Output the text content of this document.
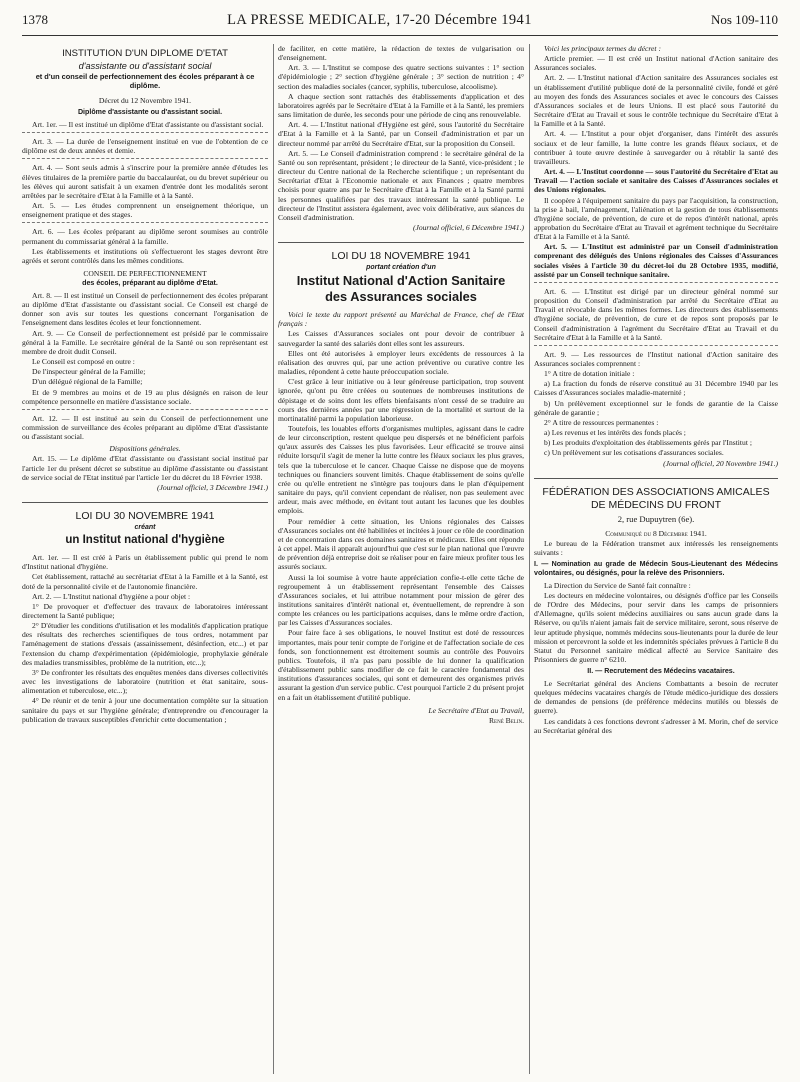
1378	LA PRESSE MEDICALE, 17-20 Décembre 1941	Nos 109-110
INSTITUTION D'UN DIPLOME D'ETAT
d'assistante ou d'assistant social
et d'un conseil de perfectionnement des écoles préparant à ce diplôme.

Décret du 12 Novembre 1941.

Diplôme d'assistante ou d'assistant social.

Art. 1er. — Il est institué un diplôme d'Etat d'assistante ou d'assistant social.

Art. 3. — La durée de l'enseignement institué en vue de l'obtention de ce diplôme est de deux années et demie.

Art. 4. — Sont seuls admis à s'inscrire pour la première année d'études les élèves titulaires de la première partie du baccalauréat, ou du brevet supérieur ou les élèves qui auront satisfait à un examen d'entrée dont les modalités seront arrêtées par le secrétaire d'Etat à la Famille et à la Santé.

Art. 5. — Les études comprennent un enseignement théorique, un enseignement pratique et des stages.

Art. 6. — Les écoles préparant au diplôme seront soumises au contrôle permanent du commissariat général à la famille.

Les établissements et institutions où s'effectueront les stages devront être agréés et seront contrôlés dans les mêmes conditions.

CONSEIL DE PERFECTIONNEMENT

des écoles, préparant au diplôme d'Etat.

Art. 8. — Il est institué un Conseil de perfectionnement des écoles préparant au diplôme d'Etat d'assistante ou d'assistant social. Ce Conseil est chargé de donner son avis sur toutes les questions concernant l'organisation de l'enseignement dans lesdites écoles et leur fonctionnement.

Art. 9. — Ce Conseil de perfectionnement est présidé par le commissaire général à la Famille. Le secrétaire général de la Santé ou son représentant est membre de droit dudit Conseil.

Le Conseil est composé en outre :

De l'inspecteur général de la Famille;

D'un délégué régional de la Famille;

Et de 9 membres au moins et de 19 au plus désignés en raison de leur compétence personnelle en matière d'assistance sociale.

Art. 12. — Il est institué au sein du Conseil de perfectionnement une commission de surveillance des écoles préparant au diplôme d'Etat d'assistante ou d'assistant social.

Dispositions générales.

Art. 15. — Le diplôme d'Etat d'assistante ou d'assistant social institué par l'article 1er du présent décret se substitue au diplôme d'assistante ou d'assistant de service social de l'Etat institué par l'article 1er du décret du 18 Février 1938.

(Journal officiel, 3 Décembre 1941.)

LOI DU 30 NOVEMBRE 1941
créant
un Institut national d'hygiène

Art. 1er. — Il est créé à Paris un établissement public qui prend le nom d'Institut national d'hygiène.

Cet établissement, rattaché au secrétariat d'Etat à la Famille et à la Santé, est doté de la personnalité civile et de l'autonomie financière.

Art. 2. — L'Institut national d'hygiène a pour objet :

1° De provoquer et d'effectuer des travaux de laboratoires intéressant directement la Santé publique;

2° D'étudier les conditions d'utilisation et les modalités d'application pratique des résultats des recherches scientifiques de tous ordres, notamment par l'aménagement de stations d'essais (assainissement, désinfection, etc...) et par l'extension du champ d'expérimentation (épidémiologie, prophylaxie générale des maladies transmissibles, problème de la nutrition, etc...);

3° De confronter les résultats des enquêtes menées dans diverses collectivités avec les investigations de laboratoire (nutrition et état sanitaire, sous-alimentation et tuberculose, etc...);

4° De réunir et de tenir à jour une documentation complète sur la situation sanitaire du pays et sur l'hygiène générale; d'entreprendre ou d'encourager la publication de travaux susceptibles d'enrichir cette documentation ;

de faciliter, en cette matière, la rédaction de textes de vulgarisation ou d'enseignement.

Art. 3. — L'Institut se compose des quatre sections suivantes : 1° section d'épidémiologie ; 2° section d'hygiène générale ; 3° section de nutrition ; 4° section des maladies sociales (cancer, syphilis, tuberculose, alcoolisme).

A chaque section sont rattachés des établissements d'application et des laboratoires agréés par le Secrétaire d'Etat à la Famille et à la Santé, les premiers sans limitation de durée, les seconds pour une période de cinq ans renouvelable.

Art. 4. — L'Institut national d'Hygiène est géré, sous l'autorité du Secrétaire d'Etat à la Famille et à la Santé, par un Conseil d'administration et par un directeur nommé par arrêté du Secrétaire d'Etat, sur la proposition du Conseil.

Art. 5. — Le Conseil d'administration comprend : le secrétaire général de la Santé ou son représentant, président ; le directeur de la Santé, vice-président ; le directeur du Centre national de la Recherche scientifique ; un représentant du Secrétariat d'Etat à l'Economie nationale et aux Finances ; quatre membres choisis pour quatre ans par le Secrétaire d'Etat à la Famille et à la Santé parmi les personnes qualifiées par des travaux intéressant la santé publique. Le directeur de l'Institut assistera également, avec voix délibérative, aux séances du Conseil d'administration.

(Journal officiel, 6 Décembre 1941.)

LOI DU 18 NOVEMBRE 1941
portant création d'un
Institut National d'Action Sanitaire
des Assurances sociales

Voici le texte du rapport présenté au Maréchal de France, chef de l'Etat français :

Les Caisses d'Assurances sociales ont pour devoir de contribuer à sauvegarder la santé des salariés dont elles sont les assureurs.

Elles ont été autorisées à employer leurs excédents de ressources à la réalisation des œuvres qui, par une action préventive ou curative contre les maladies, répondent à cette haute préoccupation sociale.

C'est grâce à leur initiative ou à leur généreuse participation, trop souvent ignorée, qu'ont pu être créées ou soutenues de nombreuses institutions de dépistage et de soins dont les effets bienfaisants n'ont cessé de se traduire au cours des dernières années par une régression de la mortalité et surtout de la mortinatalité parmi la population laborieuse.

Toutefois, les louables efforts d'organismes multiples, agissant dans le cadre de leur circonscription, restent quelque peu dispersés et ne bénéficient parfois qu'aux assurés des Caisses les plus favorisées. Leur efficacité se trouve ainsi réduite lorsqu'il s'agit de mener la lutte contre les fléaux sociaux les plus graves, tels que la tuberculose et le cancer. Chaque Caisse ne dispose que de moyens techniques ou financiers souvent limités. Chaque établissement de soins qu'elle crée ou qu'elle entretient ne s'intègre pas toujours dans le plan d'équipement sanitaire du pays, qu'il convient cependant de réaliser, non pas seulement avec ardeur, mais avec méthode, en évitant tout autant les lacunes que les doubles emplois.

Pour remédier à cette situation, les Unions régionales des Caisses d'Assurances sociales ont été habilitées et incitées à jouer ce rôle de coordination et de concentration dans ces domaines sanitaires et médicaux. Elles ont répondu à cet appel. Mais il apparaît aujourd'hui que c'est sur le plan national que l'œuvre de prévention déjà entreprise doit se réaliser pour en faire mieux profiter tous les assurés sociaux.

Aussi la loi soumise à votre haute appréciation confie-t-elle cette tâche de regroupement à un établissement représentant l'ensemble des Caisses d'Assurances sociales, et lui attribue notamment pour mission de gérer des institutions sanitaires d'intérêt national et, éventuellement, de reprendre à son compte les créances ou les participations acquises, dans le même ordre d'action, par les Caisses d'Assurances sociales.

Pour faire face à ses obligations, le nouvel Institut est doté de ressources importantes, mais pour tenir compte de l'origine et de l'affectation sociale de ces fonds, son fonctionnement est étroitement soumis au contrôle des Pouvoirs publics. Toutefois, il n'a pas paru possible de lui donner la qualification d'établissement public sans modifier de ce fait le caractère fondamental des institutions d'assurances sociales, qui sont et demeurent des organismes privés assurant la gestion d'un service public. C'est pourquoi l'article 2 du présent projet en a fait un établissement d'utilité publique.

Le Secrétaire d'Etat au Travail,

René Belin.

Voici les principaux termes du décret :

Article premier. — Il est créé un Institut national d'Action sanitaire des Assurances sociales.

Art. 2. — L'Institut national d'Action sanitaire des Assurances sociales est un établissement d'utilité publique doté de la personnalité civile, fondé et géré au moyen des fonds des Assurances sociales et avec le concours des Caisses d'Assurances sociales et de leurs Unions. Il est placé sous l'autorité du Secrétaire d'Etat au Travail et sous le contrôle technique du Secrétaire d'Etat à la Famille et à la Santé.

Art. 4. — L'Institut a pour objet d'organiser, dans l'intérêt des assurés sociaux et de leur famille, la lutte contre les grands fléaux sociaux, et de contribuer à toute œuvre destinée à sauvegarder ou à rétablir la santé des travailleurs.

Art. 4. — L'Institut coordonne — sous l'autorité du Secrétaire d'Etat au Travail — l'action sociale et sanitaire des Caisses d'Assurances sociales et des Unions régionales.

Il coopère à l'équipement sanitaire du pays par l'acquisition, la construction, la prise à bail, l'aménagement, l'aliénation et la gestion de tous établissements d'hygiène sociale, de prévention, de cure et de repos d'intérêt national, après approbation du Secrétaire d'Etat au Travail et agrément technique du Secrétaire d'Etat à la Famille et à la Santé.

Art. 5. — L'Institut est administré par un Conseil d'administration comprenant des délégués des Unions régionales des Caisses d'Assurances sociales visées à l'article 30 du décret-loi du 28 Octobre 1935, modifié, assisté par un Conseil technique sanitaire.

Art. 6. — L'Institut est dirigé par un directeur général nommé sur proposition du Conseil d'administration par arrêté du Secrétaire d'Etat au Travail et révocable dans les mêmes formes. Les directeurs des établissements d'hygiène sociale, de prévention, de cure et de repos sont proposés par le Conseil d'administration à l'agrément du Secrétaire d'Etat au Travail et du Secrétaire d'Etat à la Famille et à la Santé.

Art. 9. — Les ressources de l'Institut national d'Action sanitaire des Assurances sociales comprennent :

1° A titre de dotation initiale :

a) La fraction du fonds de réserve constitué au 31 Décembre 1940 par les Caisses d'Assurances sociales maladie-maternité ;

b) Un prélèvement exceptionnel sur le fonds de garantie de la Caisse générale de garantie ;

2° A titre de ressources permanentes :

a) Les revenus et les intérêts des fonds placés ;

b) Les produits d'exploitation des établissements gérés par l'Institut ;

c) Un prélèvement sur les cotisations d'assurances sociales.

(Journal officiel, 20 Novembre 1941.)

FÉDÉRATION DES ASSOCIATIONS AMICALES
DE MÉDECINS DU FRONT
2, rue Dupuytren (6e).

Communiqué du 8 Décembre 1941.

Le bureau de la Fédération transmet aux intéressés les renseignements suivants :

I. — Nomination au grade de Médecin Sous-Lieutenant des Médecins volontaires, ou désignés, pour la relève des Prisonniers.

La Direction du Service de Santé fait connaître :

Les docteurs en médecine volontaires, ou désignés d'office par les Conseils de l'Ordre des Médecins, pour servir dans les camps de prisonniers d'Allemagne, qu'ils soient médecins auxiliaires ou sans aucun grade dans la Réserve, ou qu'ils n'aient jamais fait de service militaire, seront, sous réserve de leur aptitude physique, nommés médecins sous-lieutenants pour la durée de leur mission et percevront la solde et les indemnités spéciales prévues à l'article 8 du Statut du Personnel sanitaire médical affecté au Service Sanitaire des Prisonniers de guerre n° 6210.

II. — Recrutement des Médecins vacataires.

Le Secrétariat général des Anciens Combattants a besoin de recruter quelques médecins vacataires chargés de l'étude médico-juridique des dossiers de demandes de pensions (de préférence médecins mutilés ou blessés de guerre).

Les candidats à ces fonctions devront s'adresser à M. Morin, chef de service au Secrétariat général des
